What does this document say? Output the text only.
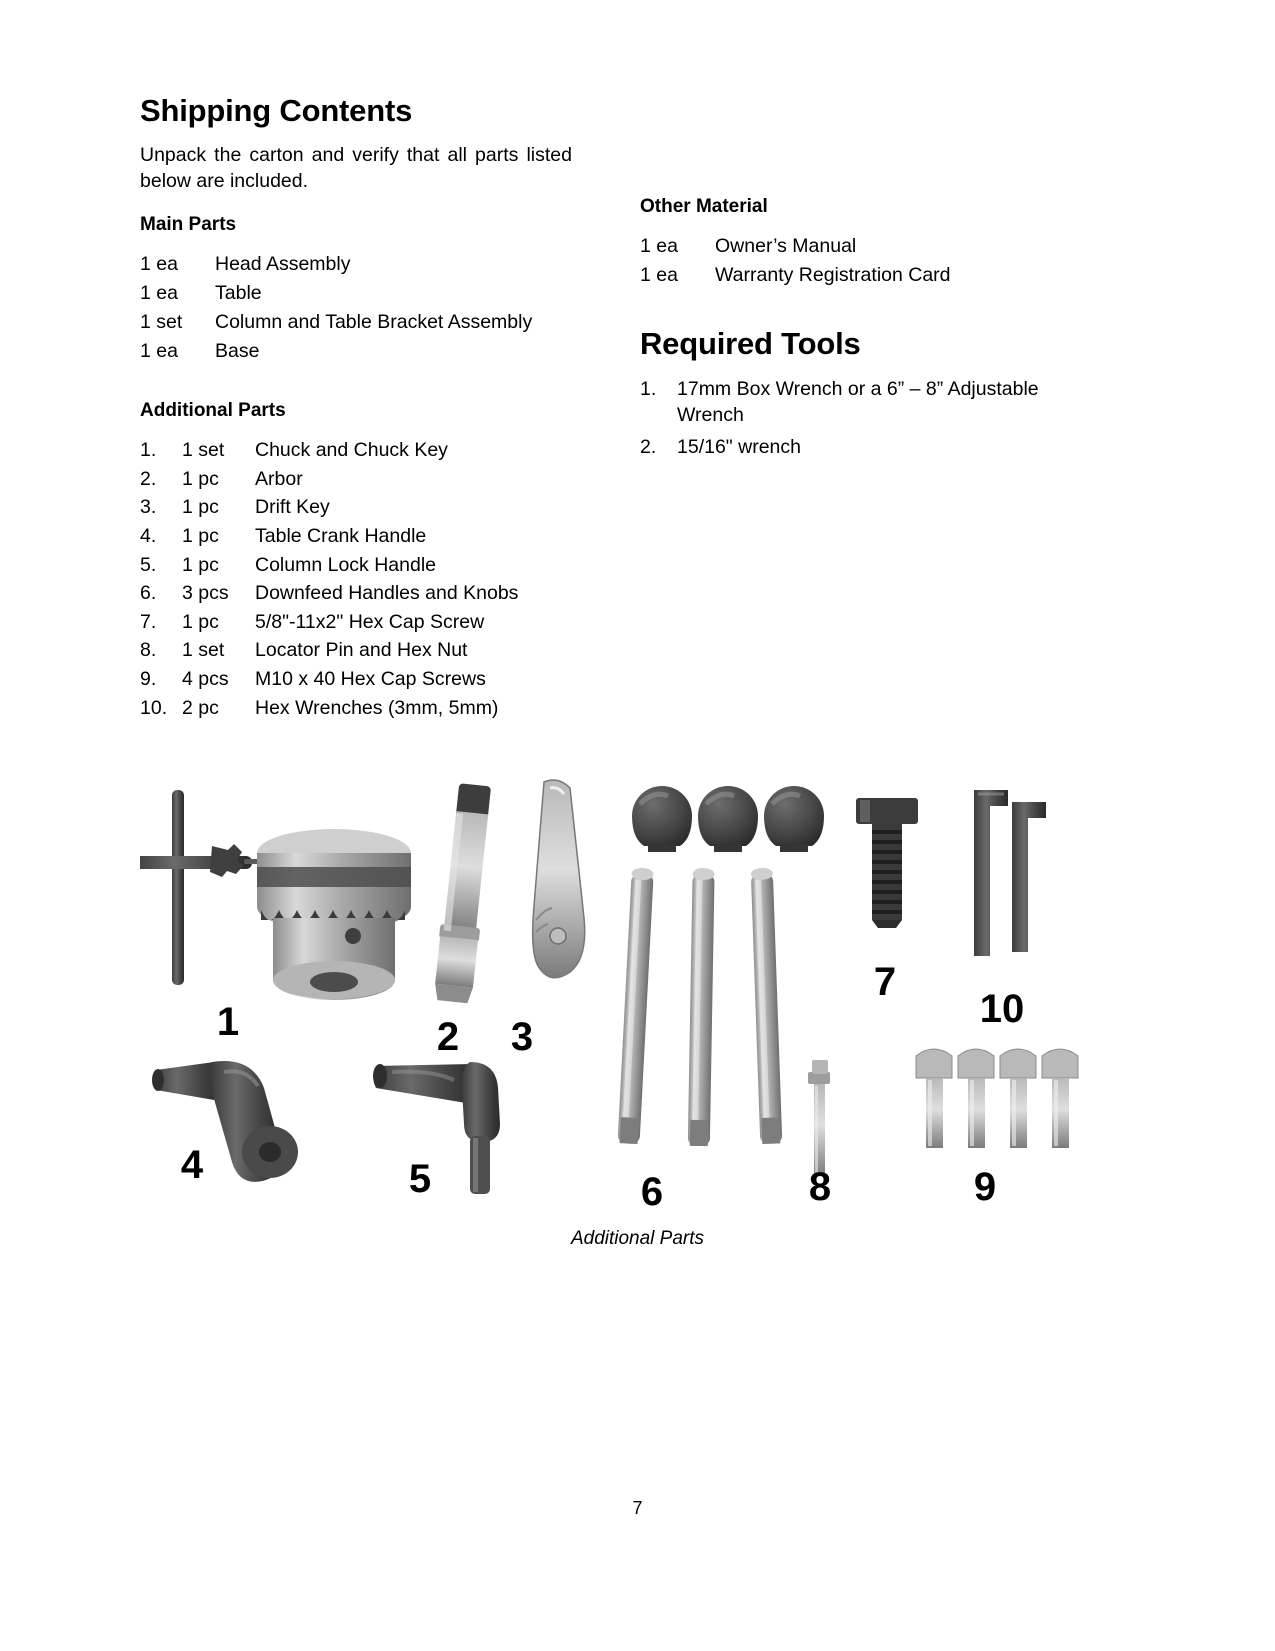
Shipping Contents

Unpack the carton and verify that all parts listed below are included.

Main Parts
1 ea	Head Assembly
1 ea	Table
1 set	Column and Table Bracket Assembly
1 ea	Base
Additional Parts
1.	1 set	Chuck and Chuck Key
2.	1 pc	Arbor
3.	1 pc	Drift Key
4.	1 pc	Table Crank Handle
5.	1 pc	Column Lock Handle
6.	3 pcs	Downfeed Handles and Knobs
7.	1 pc	5/8"-11x2" Hex Cap Screw
8.	1 set	Locator Pin and Hex Nut
9.	4 pcs	M10 x 40 Hex Cap Screws
10. 2 pc	Hex Wrenches (3mm, 5mm)
Other Material
1 ea	Owner’s Manual
1 ea	Warranty Registration Card
Required Tools
1.	17mm Box Wrench or a 6” – 8” Adjustable Wrench
2.	15/16" wrench
1	2 3
4	5	6
7
8	9
10
Additional Parts
7
